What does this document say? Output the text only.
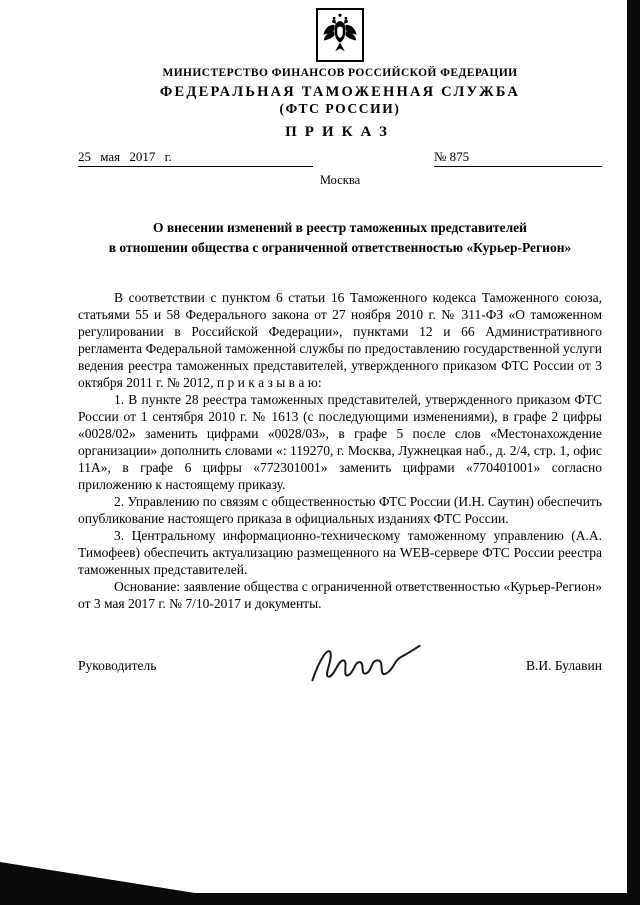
МИНИСТЕРСТВО ФИНАНСОВ РОССИЙСКОЙ ФЕДЕРАЦИИ
ФЕДЕРАЛЬНАЯ ТАМОЖЕННАЯ СЛУЖБА
(ФТС РОССИИ)
ПРИКАЗ
25 мая 2017 г.	№ 875
Москва
О внесении изменений в реестр таможенных представителей
в отношении общества с ограниченной ответственностью «Курьер-Регион»

В соответствии с пунктом 6 статьи 16 Таможенного кодекса Таможенного союза, статьями 55 и 58 Федерального закона от 27 ноября 2010 г. № 311-ФЗ «О таможенном регулировании в Российской Федерации», пунктами 12 и 66 Административного регламента Федеральной таможенной службы по предоставлению государственной услуги ведения реестра таможенных представителей, утвержденного приказом ФТС России от 3 октября 2011 г. № 2012, п р и к а з ы в а ю:

1. В пункте 28 реестра таможенных представителей, утвержденного приказом ФТС России от 1 сентября 2010 г. № 1613 (с последующими изменениями), в графе 2 цифры «0028/02» заменить цифрами «0028/03», в графе 5 после слов «Местонахождение организации» дополнить словами «: 119270, г. Москва, Лужнецкая наб., д. 2/4, стр. 1, офис 11А», в графе 6 цифры «772301001» заменить цифрами «770401001» согласно приложению к настоящему приказу.

2. Управлению по связям с общественностью ФТС России (И.Н. Саутин) обеспечить опубликование настоящего приказа в официальных изданиях ФТС России.

3. Центральному информационно-техническому таможенному управлению (А.А. Тимофеев) обеспечить актуализацию размещенного на WEB-сервере ФТС России реестра таможенных представителей.

Основание: заявление общества с ограниченной ответственностью «Курьер-Регион» от 3 мая 2017 г. № 7/10-2017 и документы.

Руководитель	В.И. Булавин
